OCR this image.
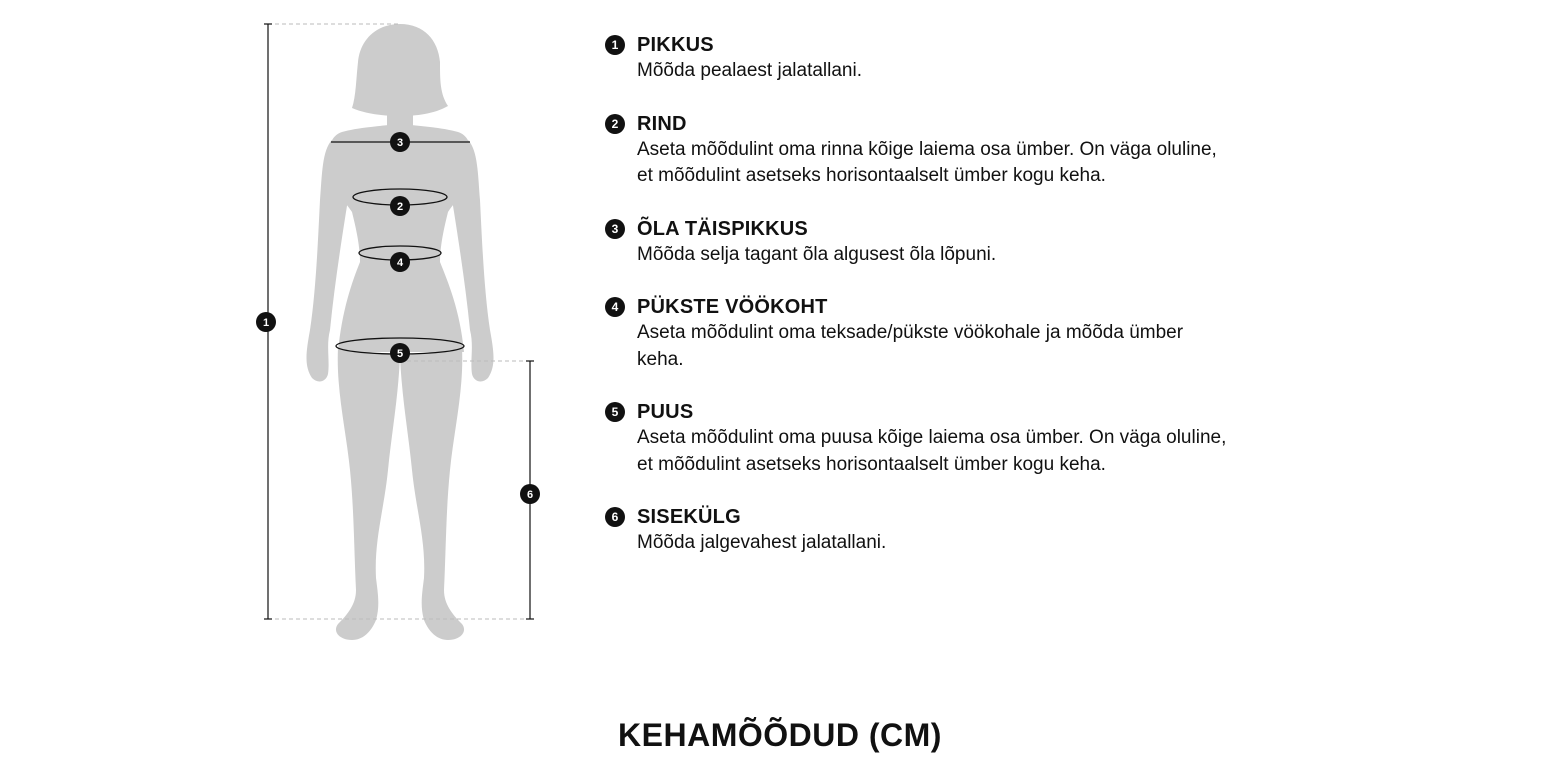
1
3
2
4
5
6
1 PIKKUS
Mõõda pealaest jalatallani.
2 RIND
Aseta mõõdulint oma rinna kõige laiema osa ümber. On väga oluline, et mõõdulint asetseks horisontaalselt ümber kogu keha.
3 ÕLA TÄISPIKKUS
Mõõda selja tagant õla algusest õla lõpuni.
4 PÜKSTE VÖÖKOHT
Aseta mõõdulint oma teksade/pükste vöökohale ja mõõda ümber keha.
5 PUUS
Aseta mõõdulint oma puusa kõige laiema osa ümber. On väga oluline, et mõõdulint asetseks horisontaalselt ümber kogu keha.
6 SISEKÜLG
Mõõda jalgevahest jalatallani.
KEHAMÕÕDUD (CM)
